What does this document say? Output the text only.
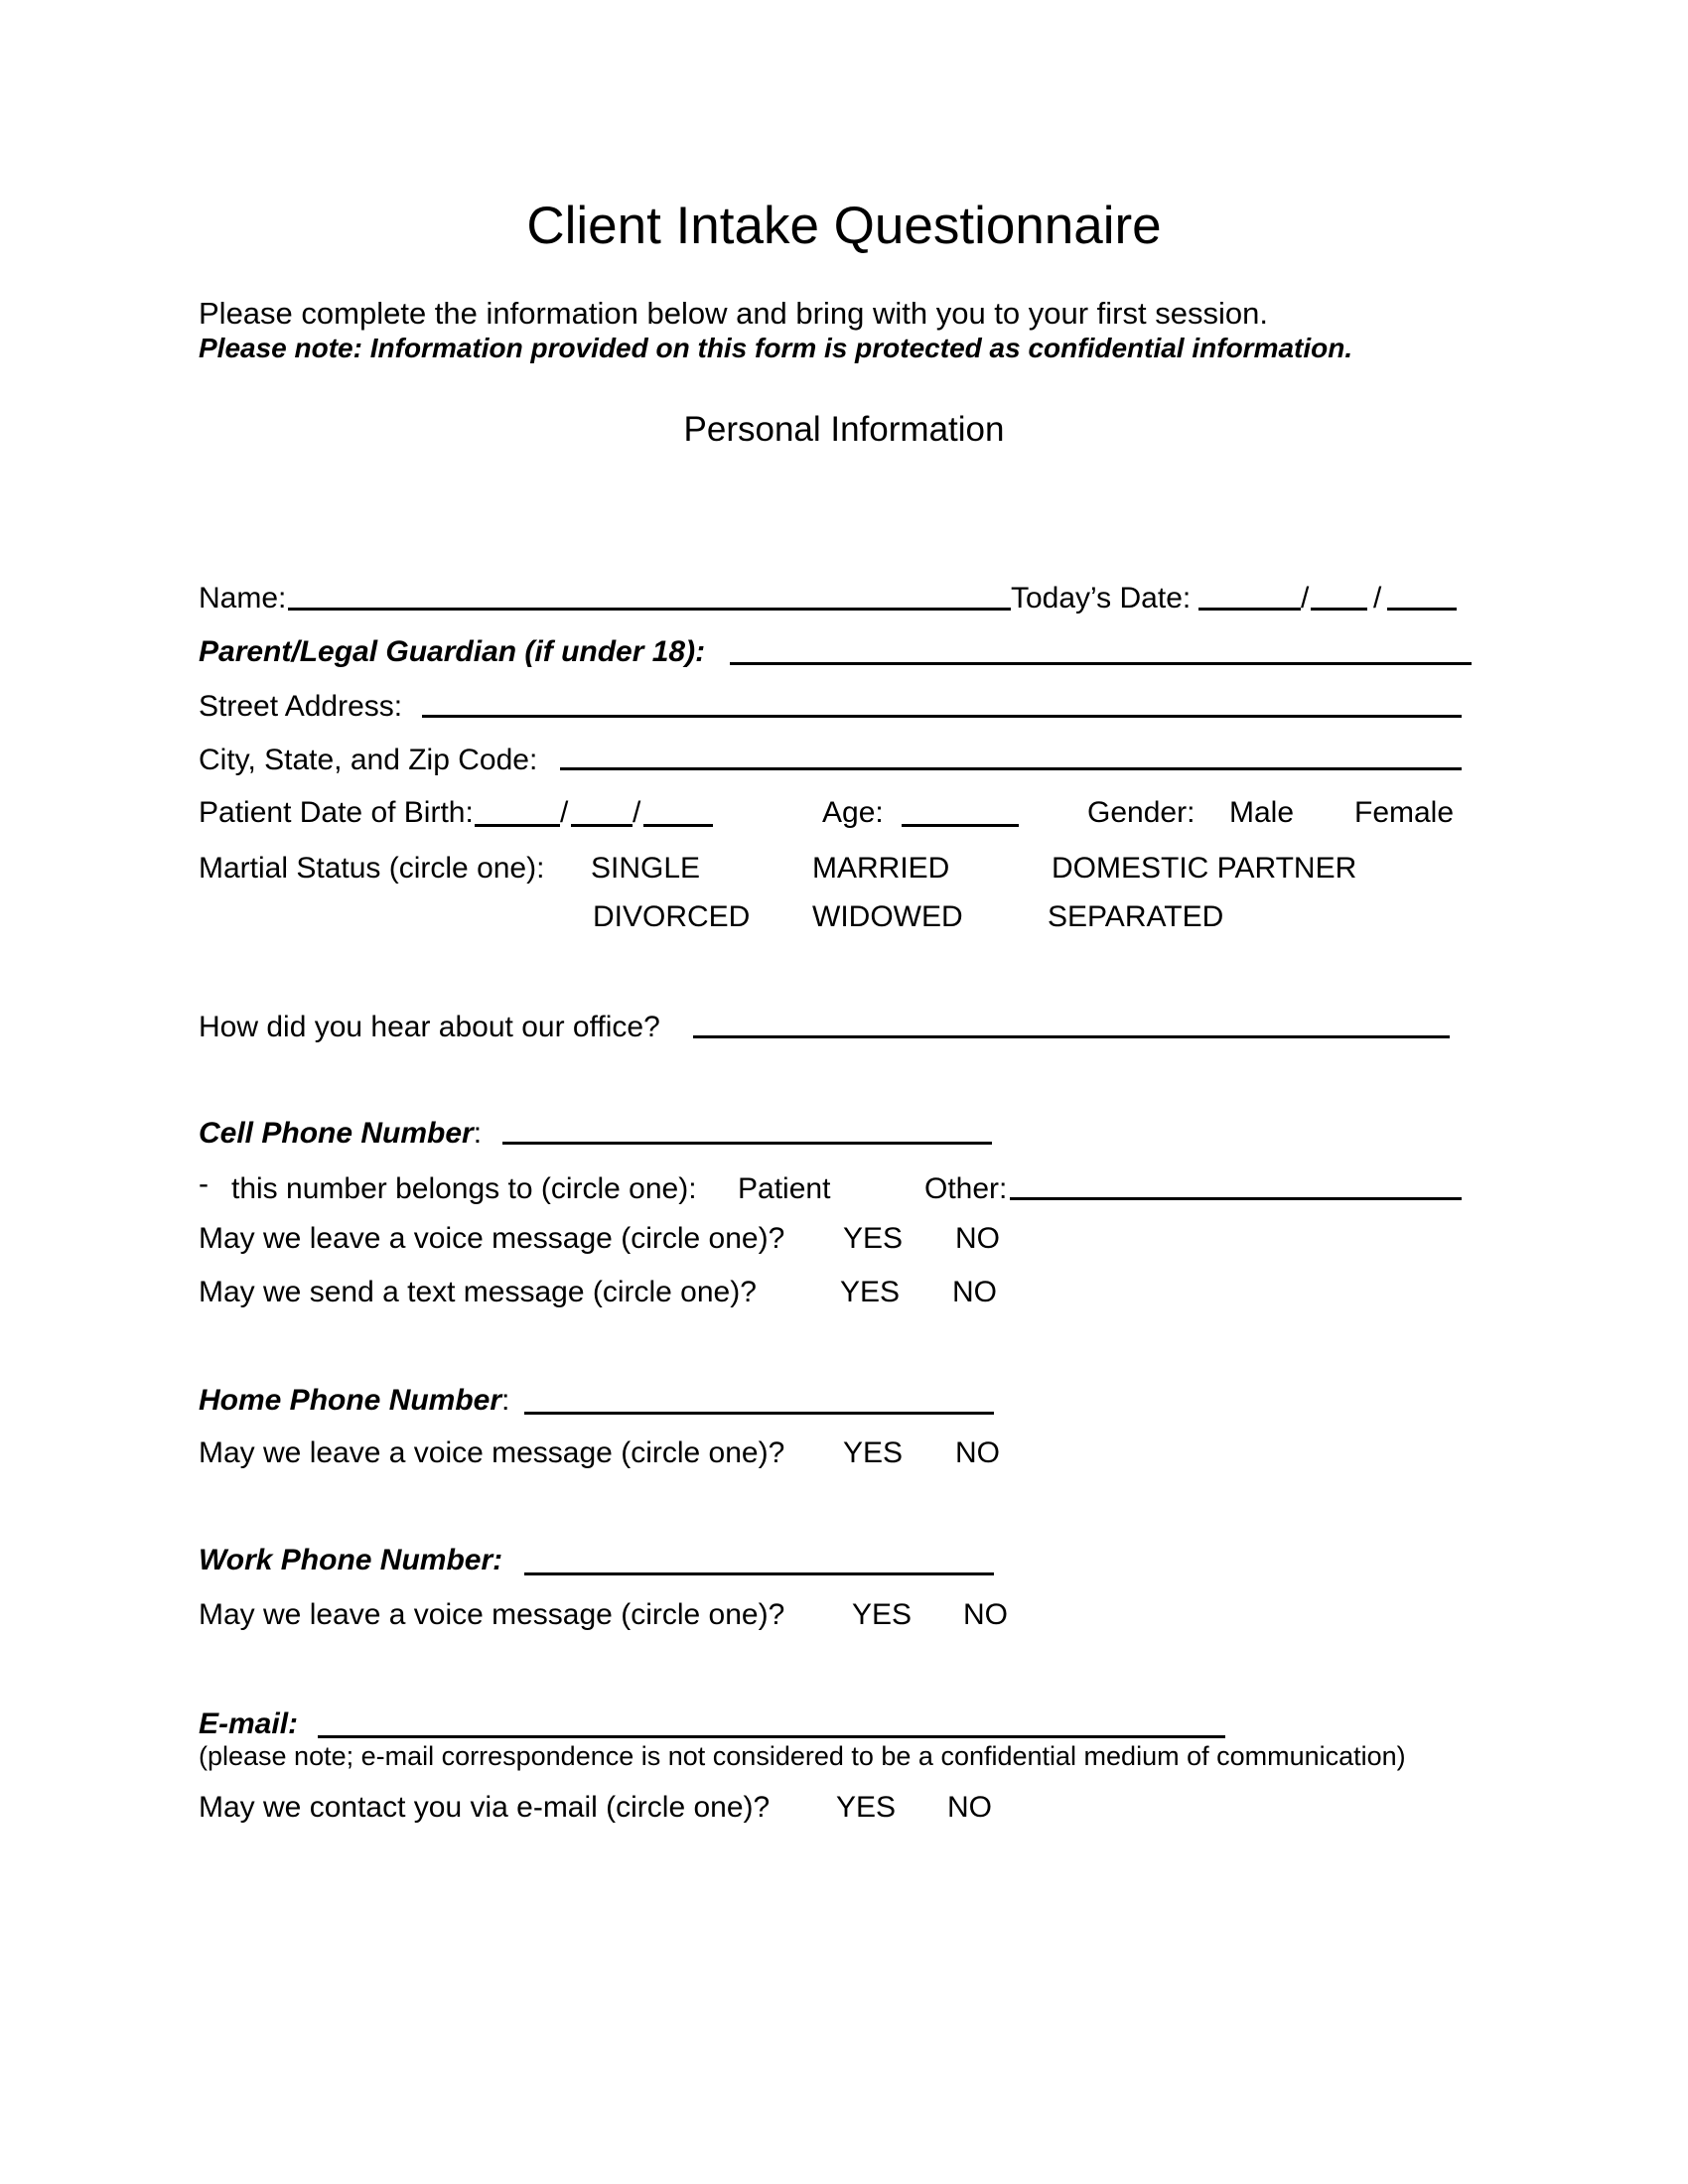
Client Intake Questionnaire
Please complete the information below and bring with you to your first session.
Please note: Information provided on this form is protected as confidential information.
Personal Information
Name:	Today’s Date:	/ /
Parent/Legal Guardian (if under 18):
Street Address:
City, State, and Zip Code:
Patient Date of Birth:	/ /	Age:	Gender: Male Female
Martial Status (circle one): SINGLE	MARRIED	DOMESTIC PARTNER
DIVORCED WIDOWED	SEPARATED
How did you hear about our office?
Cell Phone Number:
- this number belongs to (circle one): Patient	Other:
May we leave a voice message (circle one)? YES NO
May we send a text message (circle one)?	YES NO
Home Phone Number:
May we leave a voice message (circle one)? YES NO
Work Phone Number:
May we leave a voice message (circle one)? YES NO
E-mail:
(please note; e-mail correspondence is not considered to be a confidential medium of communication)
May we contact you via e-mail (circle one)? YES NO
